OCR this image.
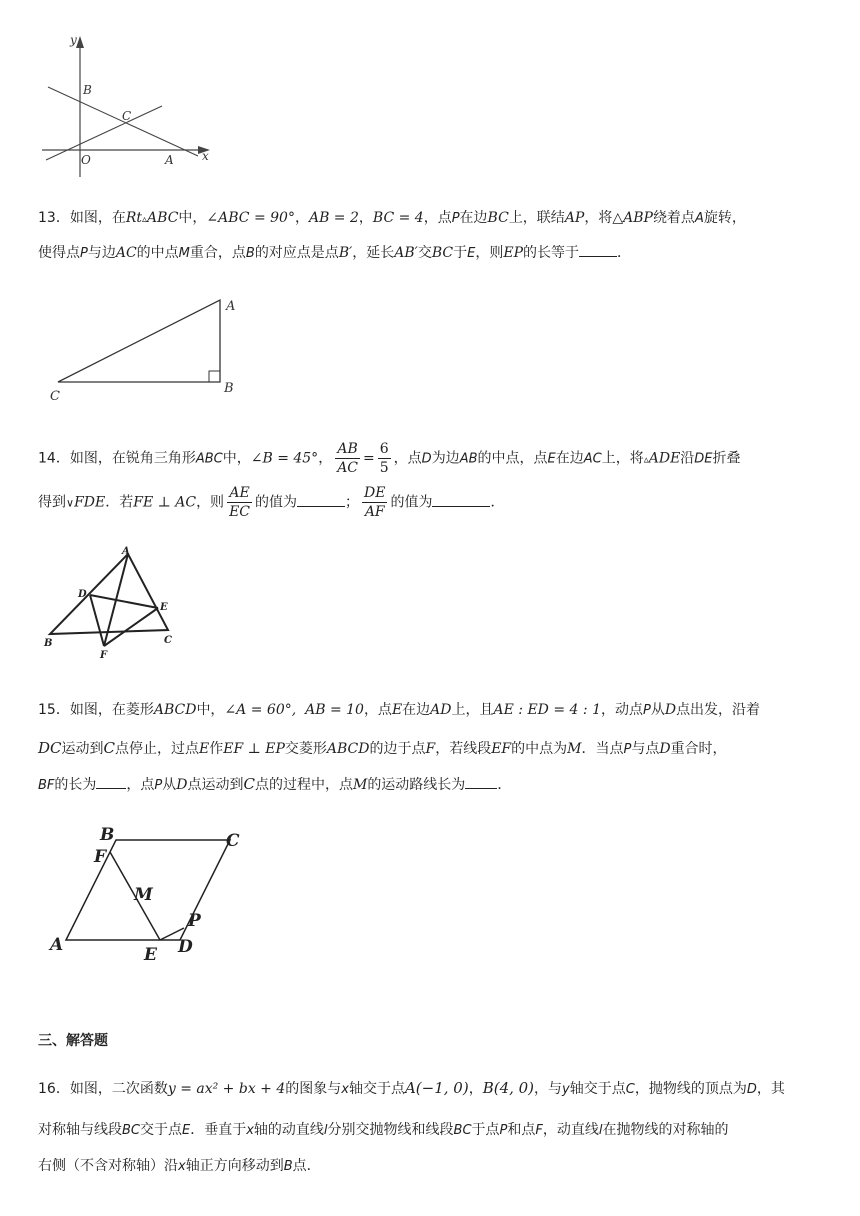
y
x
B
C
O	A
13．如图，在Rt▵ABC中，∠ABC = 90°，AB = 2，BC = 4，点P在边BC上，联结AP，将△ABP绕着点A旋转，
使得点P与边AC的中点M重合，点B的对应点是点B′，延长AB′交BC于E，则EP的长等于	．
A
B
C
14．如图，在锐角三角形ABC中，∠B = 45°， $\frac{AB}{AC} = \frac{6}{5}$ ，点D为边AB的中点，点E在边AC上，将▵ADE沿DE折叠
得到∨FDE．若FE ⊥ AC，则 $\frac{AE}{EC}$ 的值为	； $\frac{DE}{AF}$ 的值为	．
A
D
E
B
F
C
15．如图，在菱形ABCD中，∠A = 60°, AB = 10，点E在边AD上，且AE : ED = 4 : 1，动点P从D点出发，沿着
DC运动到C点停止，过点E作EF ⊥ EP交菱形ABCD的边于点F，若线段EF的中点为M．当点P与点D重合时，
BF的长为 ，点P从D点运动到C点的过程中，点M的运动路线长为 ．
B	C
F
M
P
A	E D
三、解答题
16．如图，二次函数y = ax² + bx + 4的图象与x轴交于点A(−1, 0)，B(4, 0)，与y轴交于点C，抛物线的顶点为D，其
对称轴与线段BC交于点E．垂直于x轴的动直线l分别交抛物线和线段BC于点P和点F，动直线l在抛物线的对称轴的
右侧（不含对称轴）沿x轴正方向移动到B点．
